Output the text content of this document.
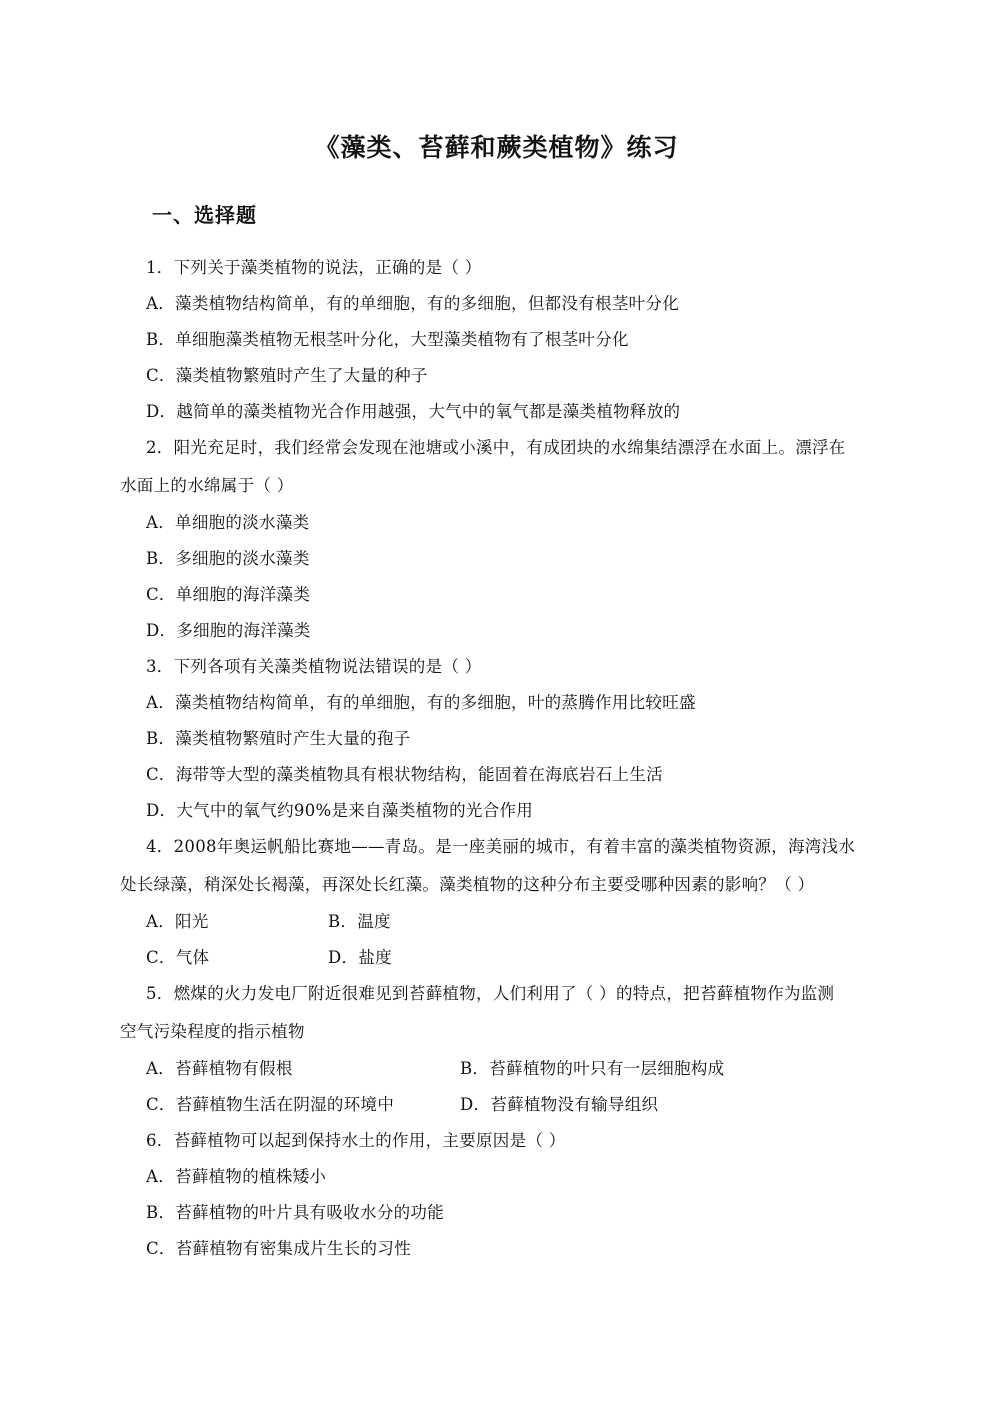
《藻类、苔藓和蕨类植物》练习
一、选择题
1．下列关于藻类植物的说法，正确的是（ ）
A．藻类植物结构简单，有的单细胞，有的多细胞，但都没有根茎叶分化
B．单细胞藻类植物无根茎叶分化，大型藻类植物有了根茎叶分化
C．藻类植物繁殖时产生了大量的种子
D．越简单的藻类植物光合作用越强，大气中的氧气都是藻类植物释放的
2．阳光充足时，我们经常会发现在池塘或小溪中，有成团块的水绵集结漂浮在水面上。漂浮在
水面上的水绵属于（ ）
A．单细胞的淡水藻类
B．多细胞的淡水藻类
C．单细胞的海洋藻类
D．多细胞的海洋藻类
3．下列各项有关藻类植物说法错误的是（ ）
A．藻类植物结构简单，有的单细胞，有的多细胞，叶的蒸腾作用比较旺盛
B．藻类植物繁殖时产生大量的孢子
C．海带等大型的藻类植物具有根状物结构，能固着在海底岩石上生活
D．大气中的氧气约90%是来自藻类植物的光合作用
4．2008年奥运帆船比赛地——青岛。是一座美丽的城市，有着丰富的藻类植物资源，海湾浅水
处长绿藻，稍深处长褐藻，再深处长红藻。藻类植物的这种分布主要受哪种因素的影响？（ ）
A．阳光	B．温度
C．气体	D．盐度
5．燃煤的火力发电厂附近很难见到苔藓植物，人们利用了（ ）的特点，把苔藓植物作为监测
空气污染程度的指示植物
A．苔藓植物有假根	B．苔藓植物的叶只有一层细胞构成
C．苔藓植物生活在阴湿的环境中	D．苔藓植物没有输导组织
6．苔藓植物可以起到保持水土的作用，主要原因是（ ）
A．苔藓植物的植株矮小
B．苔藓植物的叶片具有吸收水分的功能
C．苔藓植物有密集成片生长的习性
